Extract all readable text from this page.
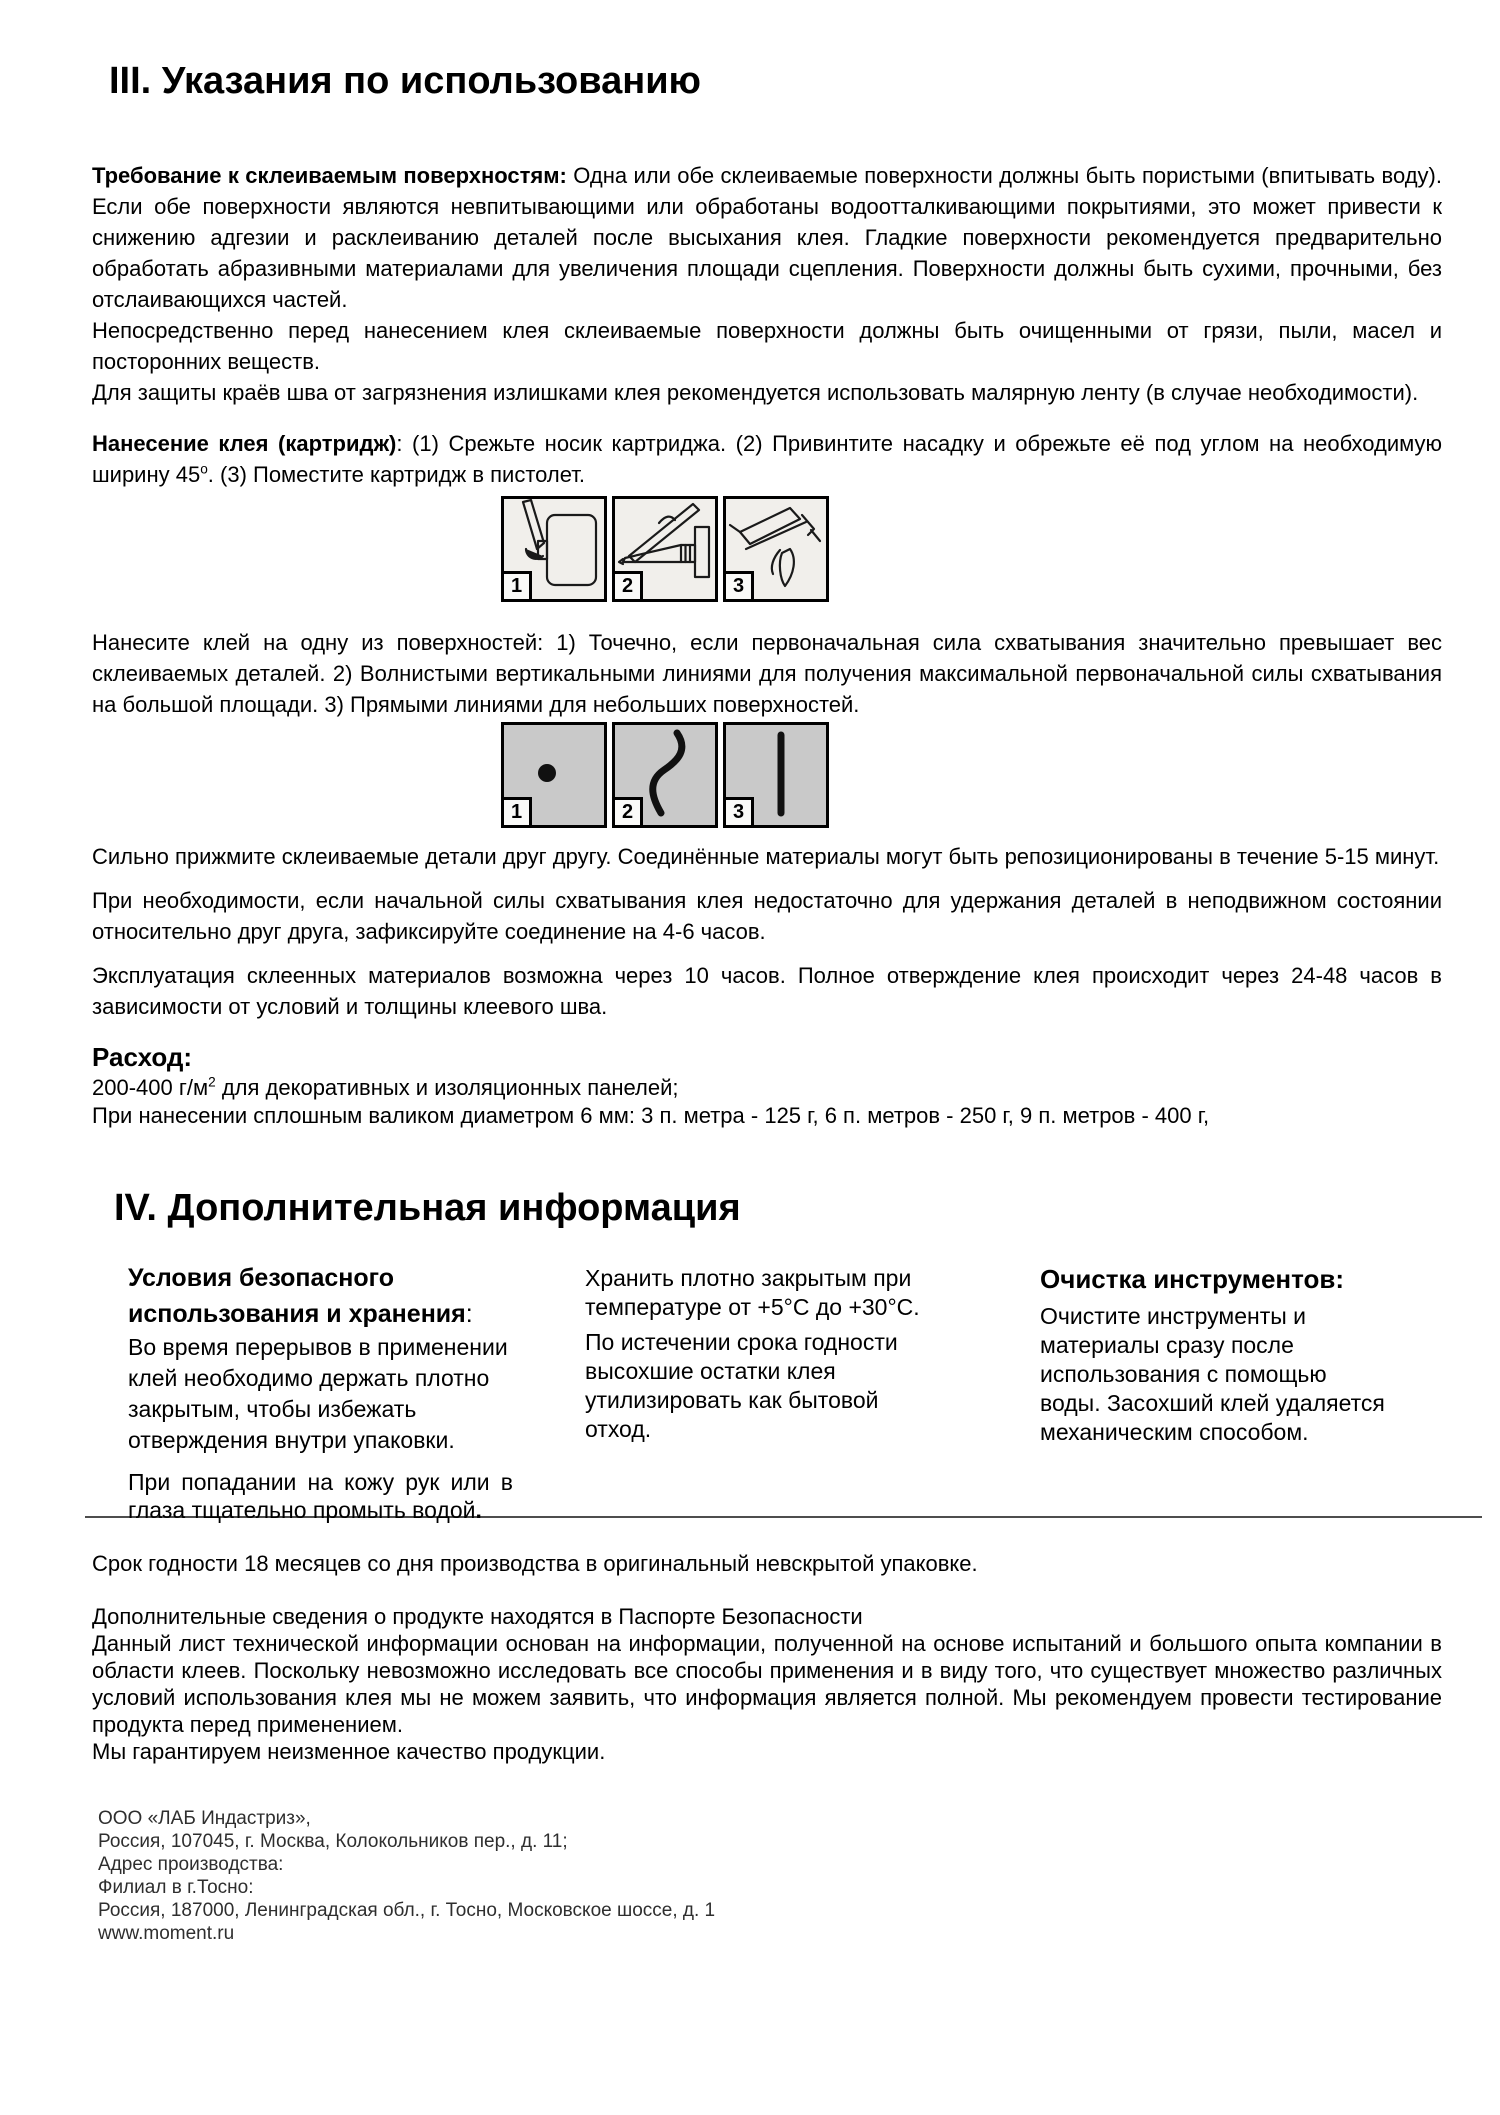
III. Указания по использованию

Требование к склеиваемым поверхностям: Одна или обе склеиваемые поверхности должны быть пористыми (впитывать воду). Если обе поверхности являются невпитывающими или обработаны водоотталкивающими покрытиями, это может привести к снижению адгезии и расклеиванию деталей после высыхания клея. Гладкие поверхности рекомендуется предварительно обработать абразивными материалами для увеличения площади сцепления. Поверхности должны быть сухими, прочными, без отслаивающихся частей.

Непосредственно перед нанесением клея склеиваемые поверхности должны быть очищенными от грязи, пыли, масел и посторонних веществ.

Для защиты краёв шва от загрязнения излишками клея рекомендуется использовать малярную ленту (в случае необходимости).

Нанесение клея (картридж): (1) Срежьте носик картриджа. (2) Привинтите насадку и обрежьте её под углом на необходимую ширину $45^о$. (3) Поместите картридж в пистолет.

1	2	3

Нанесите клей на одну из поверхностей: 1) Точечно, если первоначальная сила схватывания значительно превышает вес склеиваемых деталей. 2) Волнистыми вертикальными линиями для получения максимальной первоначальной силы схватывания на большой площади. 3) Прямыми линиями для небольших поверхностей.

1	2	3

Сильно прижмите склеиваемые детали друг другу. Соединённые материалы могут быть репозиционированы в течение 5-15 минут.

При необходимости, если начальной силы схватывания клея недостаточно для удержания деталей в неподвижном состоянии относительно друг друга, зафиксируйте соединение на 4-6 часов.

Эксплуатация склеенных материалов возможна через 10 часов. Полное отверждение клея происходит через 24-48 часов в зависимости от условий и толщины клеевого шва.

Расход:

200-400 $г/м^2$ для декоративных и изоляционных панелей;

При нанесении сплошным валиком диаметром 6 мм: 3 п. метра - 125 г, 6 п. метров - 250 г, 9 п. метров - 400 г,

IV. Дополнительная информация
Условия безопасного использования и хранения:

Во время перерывов в применении клей необходимо держать плотно закрытым, чтобы избежать отверждения внутри упаковки.

При попадании на кожу рук или в глаза тщательно промыть водой.

Хранить плотно закрытым при температуре от +5°С до +30°С.

По истечении срока годности высохшие остатки клея утилизировать как бытовой отход.

Очистка инструментов:

Очистите инструменты и материалы сразу после использования с помощью воды. Засохший клей удаляется механическим способом.

Срок годности 18 месяцев со дня производства в оригинальный невскрытой упаковке.

Дополнительные сведения о продукте находятся в Паспорте Безопасности

Данный лист технической информации основан на информации, полученной на основе испытаний и большого опыта компании в области клеев. Поскольку невозможно исследовать все способы применения и в виду того, что существует множество различных условий использования клея мы не можем заявить, что информация является полной. Мы рекомендуем провести тестирование продукта перед применением.

Мы гарантируем неизменное качество продукции.

ООО «ЛАБ Индастриз»,
Россия, 107045, г. Москва, Колокольников пер., д. 11;
Адрес производства:
Филиал в г.Тосно:
Россия, 187000, Ленинградская обл., г. Тосно, Московское шоссе, д. 1
www.moment.ru
